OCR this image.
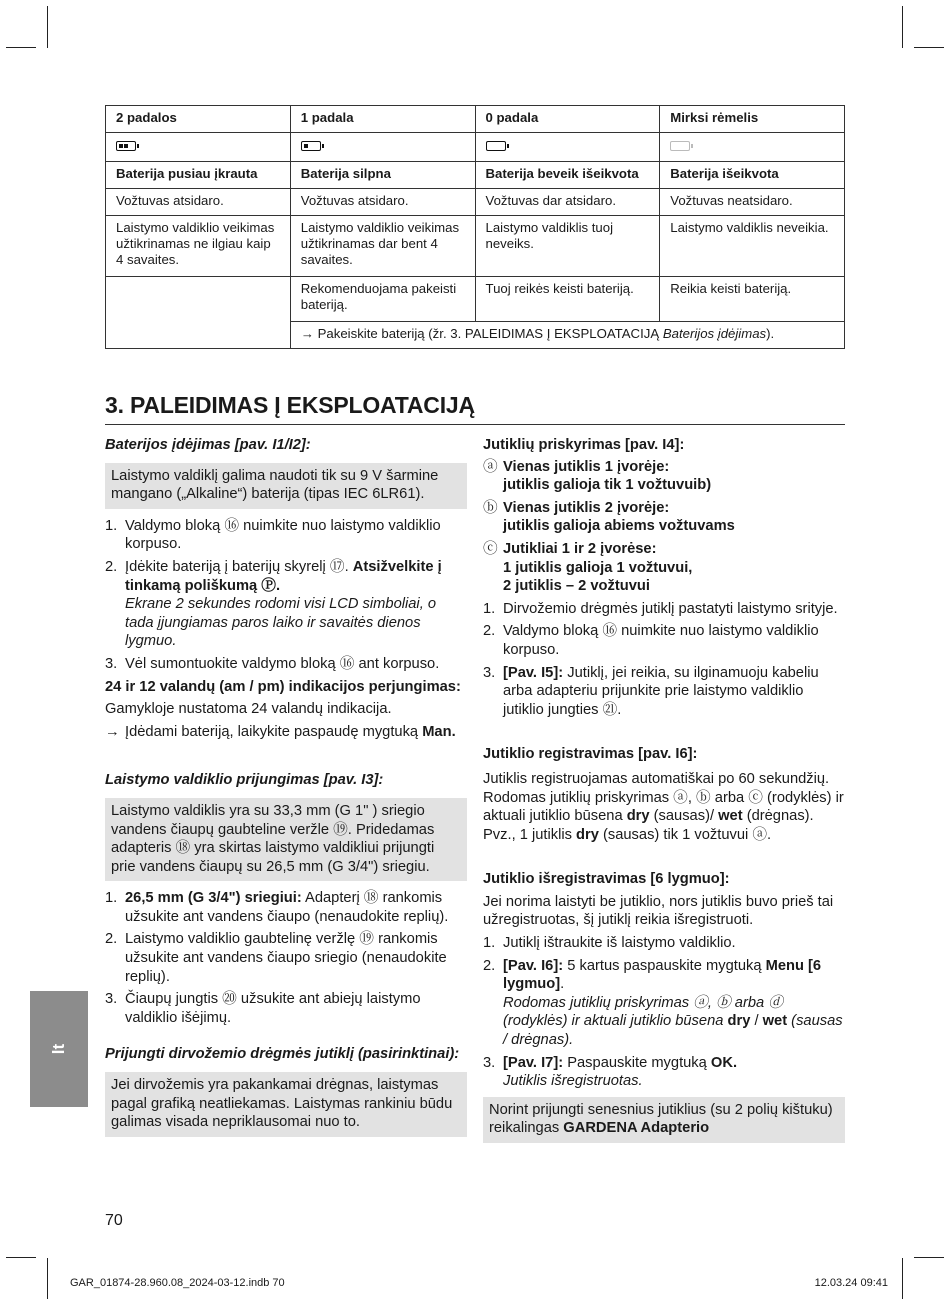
2 padalos	1 padala	0 padala	Mirksi rėmelis

Baterija pusiau įkrauta	Baterija silpna	Baterija beveik išeikvota	Baterija išeikvota
Vožtuvas atsidaro.	Vožtuvas atsidaro.	Vožtuvas dar atsidaro.	Vožtuvas neatsidaro.
Laistymo valdiklio veikimas užtikrinamas ne ilgiau kaip 4 savaites.	Laistymo valdiklio veikimas užtikrinamas dar bent 4 savaites.	Laistymo valdiklis tuoj neveiks.	Laistymo valdiklis neveikia.
	Rekomenduojama pakeisti bateriją.	Tuoj reikės keisti bateriją.	Reikia keisti bateriją.
	→ Pakeiskite bateriją (žr. 3. PALEIDIMAS Į EKSPLOATACIJĄ Baterijos įdėjimas).		
3. PALEIDIMAS Į EKSPLOATACIJĄ

Baterijos įdėjimas [pav. I1/I2]:

Laistymo valdiklį galima naudoti tik su 9 V šarmine mangano („Alkaline“) baterija (tipas IEC 6LR61).
1. Valdymo bloką ⑯ nuimkite nuo laistymo valdiklio korpuso.
2. Įdėkite bateriją į baterijų skyrelį ⑰. Atsižvelkite į tinkamą poliškumą Ⓟ.
Ekrane 2 sekundes rodomi visi LCD simboliai, o tada įjungiamas paros laiko ir savaitės dienos lygmuo.
3. Vėl sumontuokite valdymo bloką ⑯ ant korpuso.

24 ir 12 valandų (am / pm) indikacijos perjungimas:

Gamykloje nustatoma 24 valandų indikacija.

→ Įdėdami bateriją, laikykite paspaudę mygtuką Man.

Laistymo valdiklio prijungimas [pav. I3]:

Laistymo valdiklis yra su 33,3 mm (G 1" ) sriegio vandens čiaupų gaubteline veržle ⑲. Pridedamas adapteris ⑱ yra skirtas laistymo valdikliui prijungti prie vandens čiaupų su 26,5 mm (G 3/4") sriegiu.
1. 26,5 mm (G 3/4") sriegiui: Adapterį ⑱ rankomis užsukite ant vandens čiaupo (nenaudokite replių).
2. Laistymo valdiklio gaubtelinę veržlę ⑲ rankomis užsukite ant vandens čiaupo sriegio (nenaudokite replių).
3. Čiaupų jungtis ⑳ užsukite ant abiejų laistymo valdiklio išėjimų.

Prijungti dirvožemio drėgmės jutiklį (pasirinktinai):

Jei dirvožemis yra pakankamai drėgnas, laistymas pagal grafiką neatliekamas. Laistymas rankiniu būdu galimas visada nepriklausomai nuo to.

Jutiklių priskyrimas [pav. I4]:

ⓐ Vienas jutiklis 1 įvorėje:
jutiklis galioja tik 1 vožtuvuib)
ⓑ Vienas jutiklis 2 įvorėje:
jutiklis galioja abiems vožtuvams
ⓒ Jutikliai 1 ir 2 įvorėse:
1 jutiklis galioja 1 vožtuvui,
2 jutiklis – 2 vožtuvui
1. Dirvožemio drėgmės jutiklį pastatyti laistymo srityje.
2. Valdymo bloką ⑯ nuimkite nuo laistymo valdiklio korpuso.
3. [Pav. I5]: Jutiklį, jei reikia, su ilginamuoju kabeliu arba adapteriu prijunkite prie laistymo valdiklio jutiklio jungties ㉑.

Jutiklio registravimas [pav. I6]:

Jutiklis registruojamas automatiškai po 60 sekundžių. Rodomas jutiklių priskyrimas ⓐ, ⓑ arba ⓒ (rodyklės) ir aktuali jutiklio būsena dry (sausas)/ wet (drėgnas). Pvz., 1 jutiklis dry (sausas) tik 1 vožtuvui ⓐ.

Jutiklio išregistravimas [6 lygmuo]:

Jei norima laistyti be jutiklio, nors jutiklis buvo prieš tai užregistruotas, šį jutiklį reikia išregistruoti.

1. Jutiklį ištraukite iš laistymo valdiklio.
2. [Pav. I6]: 5 kartus paspauskite mygtuką Menu [6 lygmuo].
Rodomas jutiklių priskyrimas ⓐ, ⓑ arba ⓓ (rodyklės) ir aktuali jutiklio būsena dry / wet (sausas / drėgnas).
3. [Pav. I7]: Paspauskite mygtuką OK.
Jutiklis išregistruotas.
Norint prijungti senesnius jutiklius (su 2 polių kištuku) reikalingas GARDENA Adapterio
lt
70
GAR_01874-28.960.08_2024-03-12.indb 70	12.03.24 09:41
